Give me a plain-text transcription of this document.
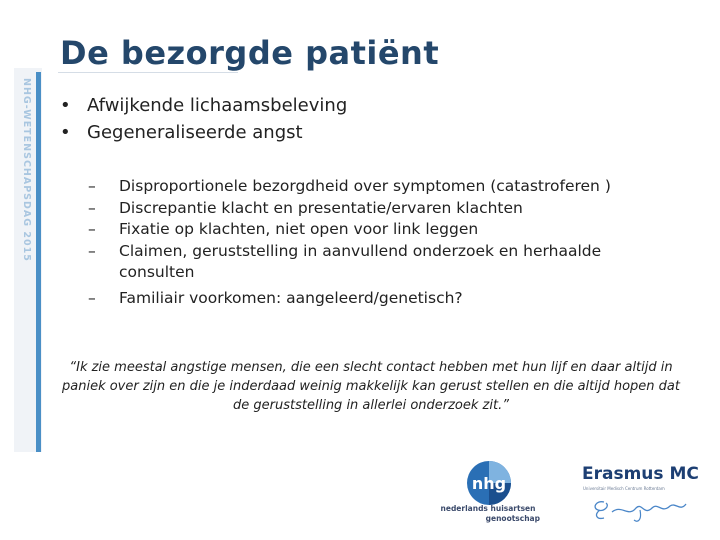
NHG-WETENSCHAPSDAG 2015
De bezorgde patiënt
• Afwijkende lichaamsbeleving
• Gegeneraliseerde angst
– Disproportionele bezorgdheid over symptomen (catastroferen )
– Discrepantie klacht en presentatie/ervaren klachten
– Fixatie op klachten, niet open voor link leggen
– Claimen, geruststelling in aanvullend onderzoek en herhaalde consulten
– Familiair voorkomen: aangeleerd/genetisch?
“Ik zie meestal angstige mensen, die een slecht contact hebben met hun lijf en daar altijd in paniek over zijn en die je inderdaad weinig makkelijk kan gerust stellen en die altijd hopen dat de geruststelling in allerlei onderzoek zit.”
nhg
nederlands huisartsen
genootschap
Erasmus MC
Universitair Medisch Centrum Rotterdam
